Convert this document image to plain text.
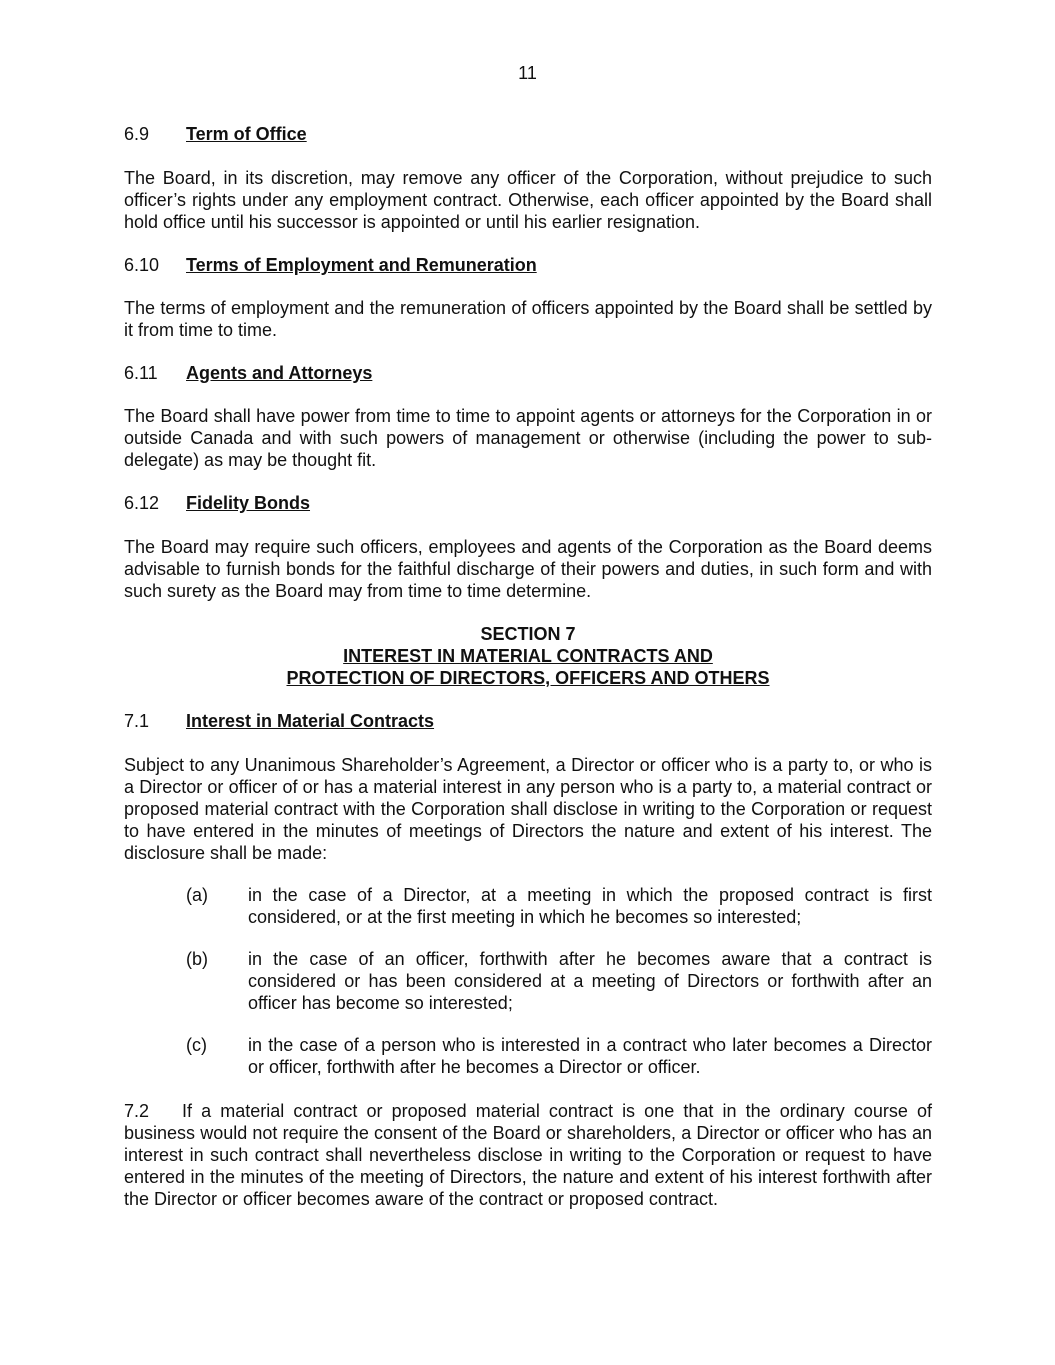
11
6.9 Term of Office
The Board, in its discretion, may remove any officer of the Corporation, without prejudice to such officer’s rights under any employment contract. Otherwise, each officer appointed by the Board shall hold office until his successor is appointed or until his earlier resignation.
6.10 Terms of Employment and Remuneration
The terms of employment and the remuneration of officers appointed by the Board shall be settled by it from time to time.
6.11 Agents and Attorneys
The Board shall have power from time to time to appoint agents or attorneys for the Corporation in or outside Canada and with such powers of management or otherwise (including the power to sub-delegate) as may be thought fit.
6.12 Fidelity Bonds
The Board may require such officers, employees and agents of the Corporation as the Board deems advisable to furnish bonds for the faithful discharge of their powers and duties, in such form and with such surety as the Board may from time to time determine.
SECTION 7
INTEREST IN MATERIAL CONTRACTS AND
PROTECTION OF DIRECTORS, OFFICERS AND OTHERS
7.1 Interest in Material Contracts
Subject to any Unanimous Shareholder’s Agreement, a Director or officer who is a party to, or who is a Director or officer of or has a material interest in any person who is a party to, a material contract or proposed material contract with the Corporation shall disclose in writing to the Corporation or request to have entered in the minutes of meetings of Directors the nature and extent of his interest. The disclosure shall be made:
(a) in the case of a Director, at a meeting in which the proposed contract is first considered, or at the first meeting in which he becomes so interested;
(b) in the case of an officer, forthwith after he becomes aware that a contract is considered or has been considered at a meeting of Directors or forthwith after an officer has become so interested;
(c) in the case of a person who is interested in a contract who later becomes a Director or officer, forthwith after he becomes a Director or officer.
7.2 If a material contract or proposed material contract is one that in the ordinary course of business would not require the consent of the Board or shareholders, a Director or officer who has an interest in such contract shall nevertheless disclose in writing to the Corporation or request to have entered in the minutes of the meeting of Directors, the nature and extent of his interest forthwith after the Director or officer becomes aware of the contract or proposed contract.
